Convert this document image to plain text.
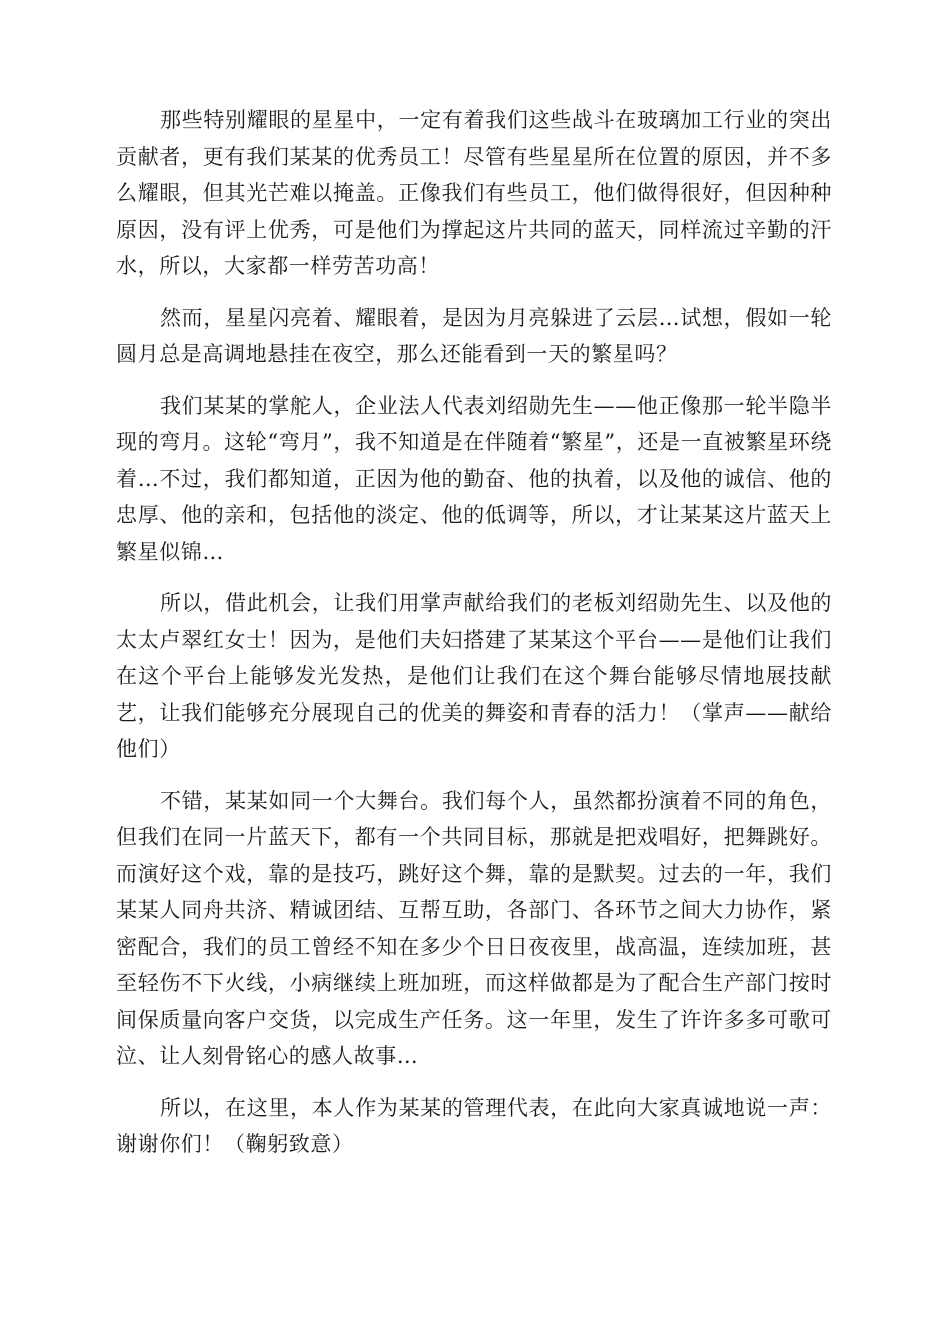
那些特别耀眼的星星中，一定有着我们这些战斗在玻璃加工行业的突出贡献者，更有我们某某的优秀员工！尽管有些星星所在位置的原因，并不多么耀眼，但其光芒难以掩盖。正像我们有些员工，他们做得很好，但因种种原因，没有评上优秀，可是他们为撑起这片共同的蓝天，同样流过辛勤的汗水，所以，大家都一样劳苦功高！

然而，星星闪亮着、耀眼着，是因为月亮躲进了云层…试想，假如一轮圆月总是高调地悬挂在夜空，那么还能看到一天的繁星吗？

我们某某的掌舵人，企业法人代表刘绍勋先生——他正像那一轮半隐半现的弯月。这轮“弯月”，我不知道是在伴随着“繁星”，还是一直被繁星环绕着…不过，我们都知道，正因为他的勤奋、他的执着，以及他的诚信、他的忠厚、他的亲和，包括他的淡定、他的低调等，所以，才让某某这片蓝天上繁星似锦…

所以，借此机会，让我们用掌声献给我们的老板刘绍勋先生、以及他的太太卢翠红女士！因为，是他们夫妇搭建了某某这个平台——是他们让我们在这个平台上能够发光发热，是他们让我们在这个舞台能够尽情地展技献艺，让我们能够充分展现自己的优美的舞姿和青春的活力！（掌声——献给他们）

不错，某某如同一个大舞台。我们每个人，虽然都扮演着不同的角色，但我们在同一片蓝天下，都有一个共同目标，那就是把戏唱好，把舞跳好。而演好这个戏，靠的是技巧，跳好这个舞，靠的是默契。过去的一年，我们某某人同舟共济、精诚团结、互帮互助，各部门、各环节之间大力协作，紧密配合，我们的员工曾经不知在多少个日日夜夜里，战高温，连续加班，甚至轻伤不下火线，小病继续上班加班，而这样做都是为了配合生产部门按时间保质量向客户交货，以完成生产任务。这一年里，发生了许许多多可歌可泣、让人刻骨铭心的感人故事…

所以，在这里，本人作为某某的管理代表，在此向大家真诚地说一声：谢谢你们！（鞠躬致意）
